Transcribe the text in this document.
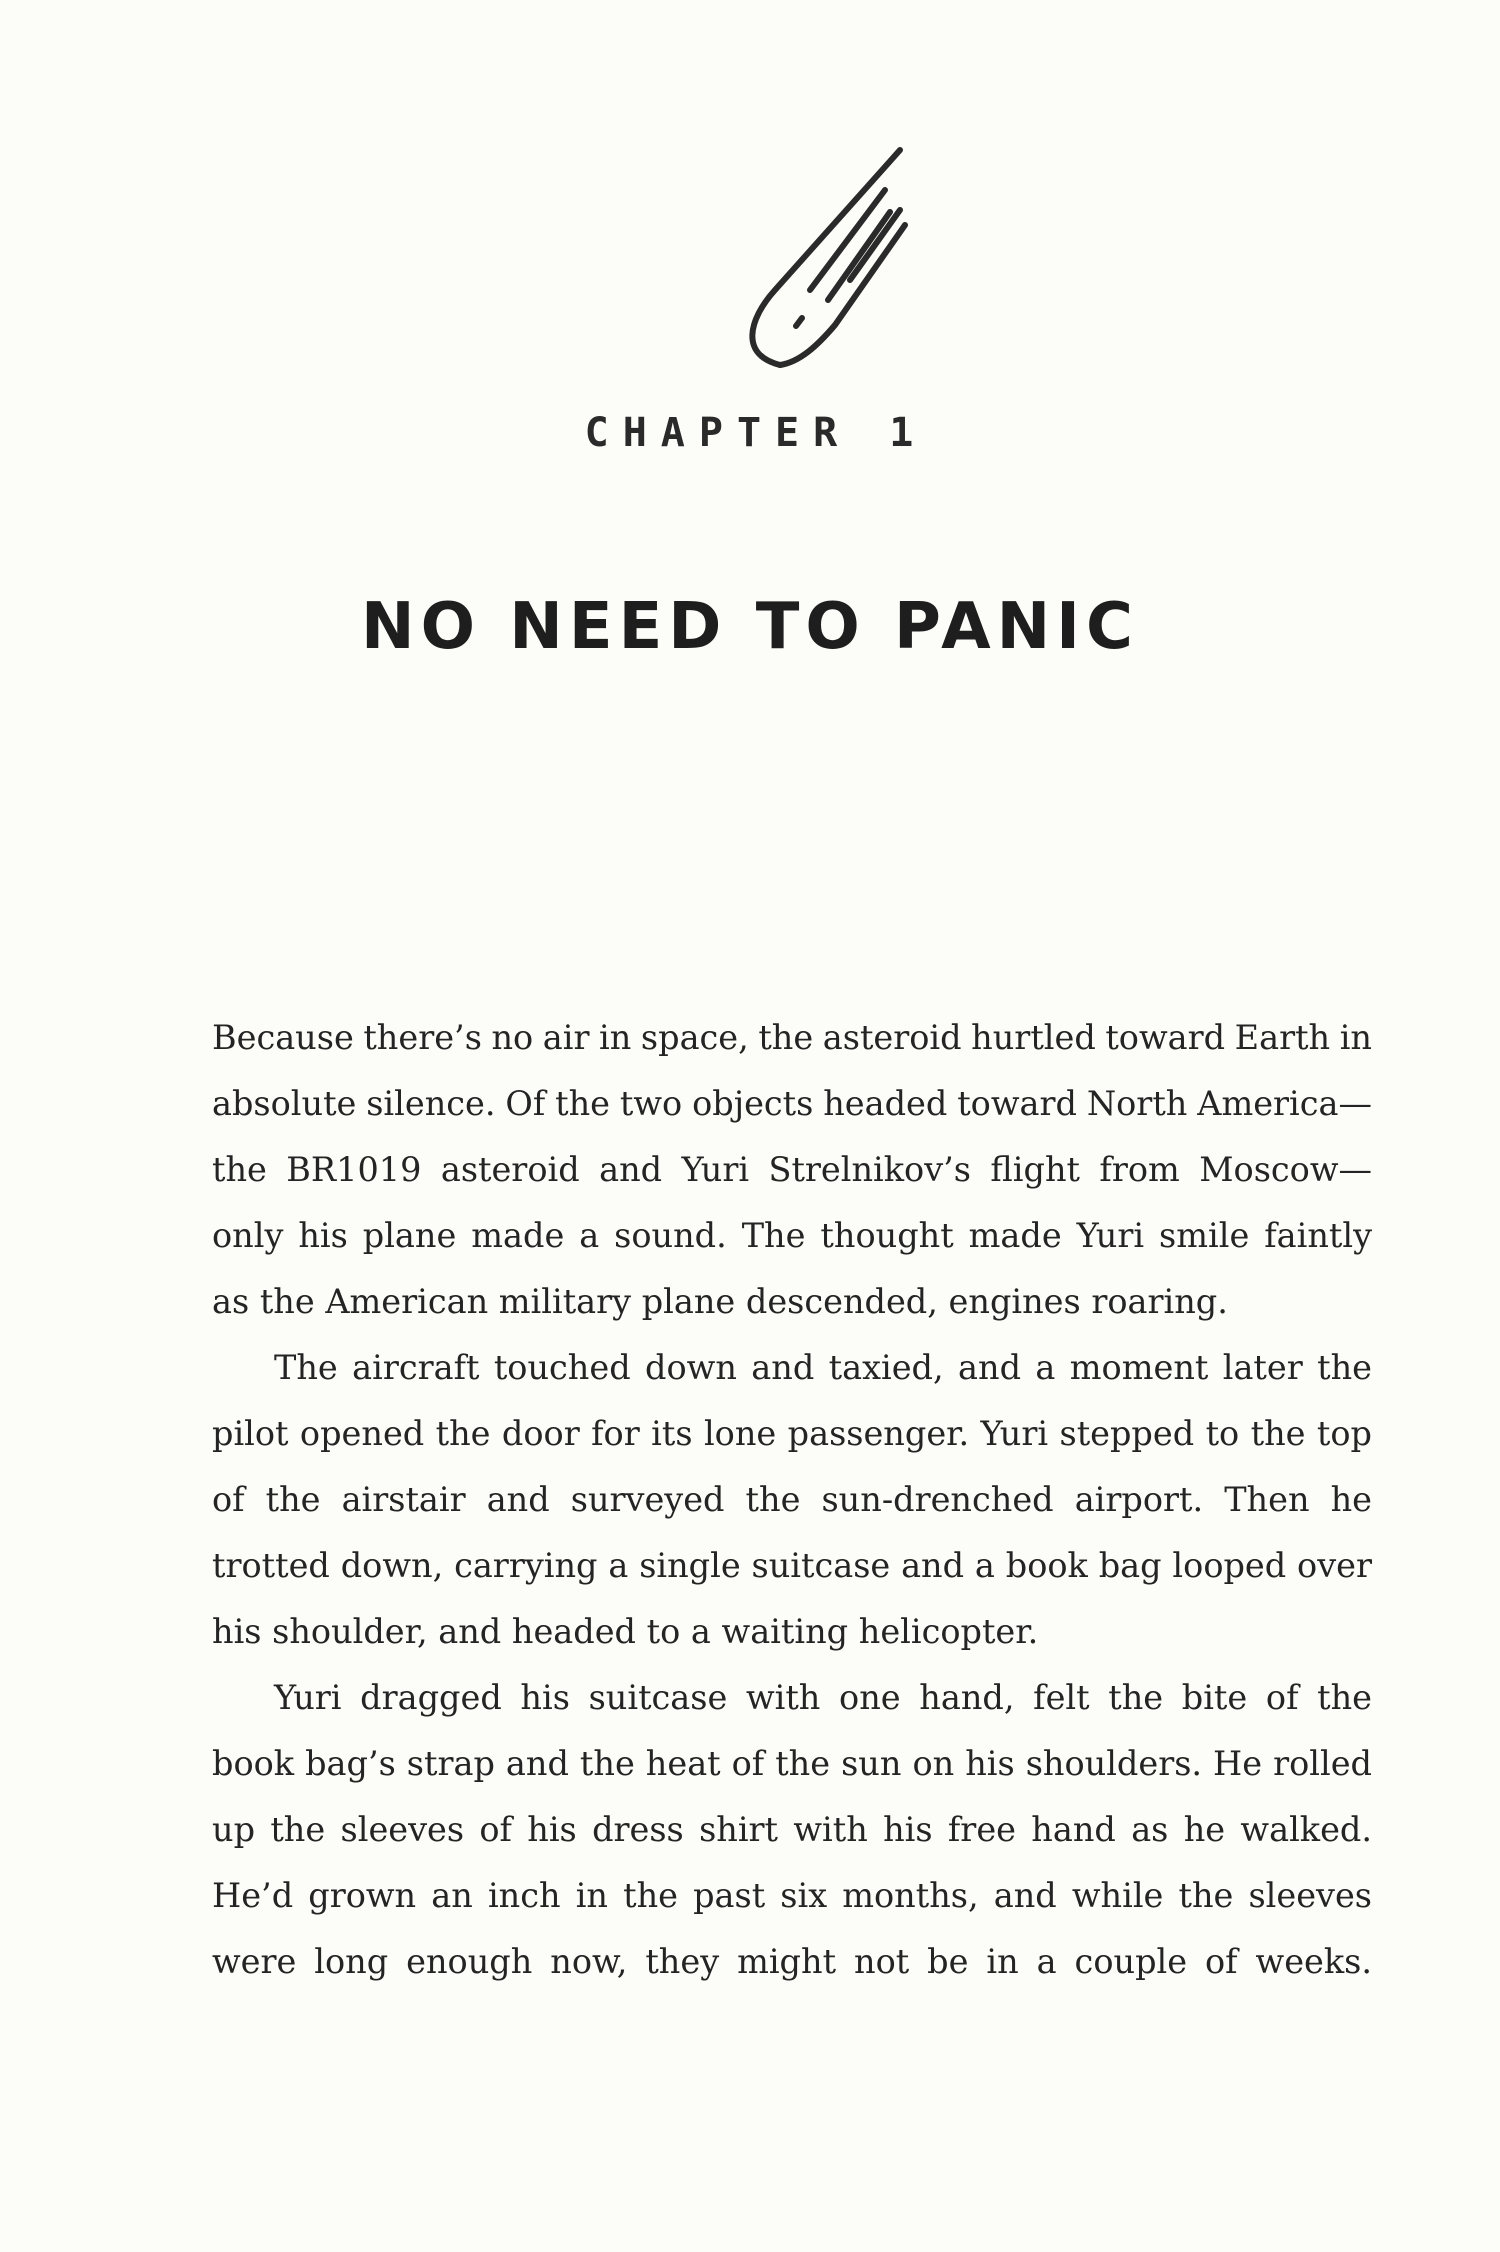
CHAPTER 1
NO NEED TO PANIC
Because there’s no air in space, the asteroid hurtled toward Earth in
absolute silence. Of the two objects headed toward North America—
the BR1019 asteroid and Yuri Strelnikov’s flight from Moscow—
only his plane made a sound. The thought made Yuri smile faintly
as the American military plane descended, engines roaring.
The aircraft touched down and taxied, and a moment later the
pilot opened the door for its lone passenger. Yuri stepped to the top
of the airstair and surveyed the sun-drenched airport. Then he
trotted down, carrying a single suitcase and a book bag looped over
his shoulder, and headed to a waiting helicopter.
Yuri dragged his suitcase with one hand, felt the bite of the
book bag’s strap and the heat of the sun on his shoulders. He rolled
up the sleeves of his dress shirt with his free hand as he walked.
He’d grown an inch in the past six months, and while the sleeves
were long enough now, they might not be in a couple of weeks.
